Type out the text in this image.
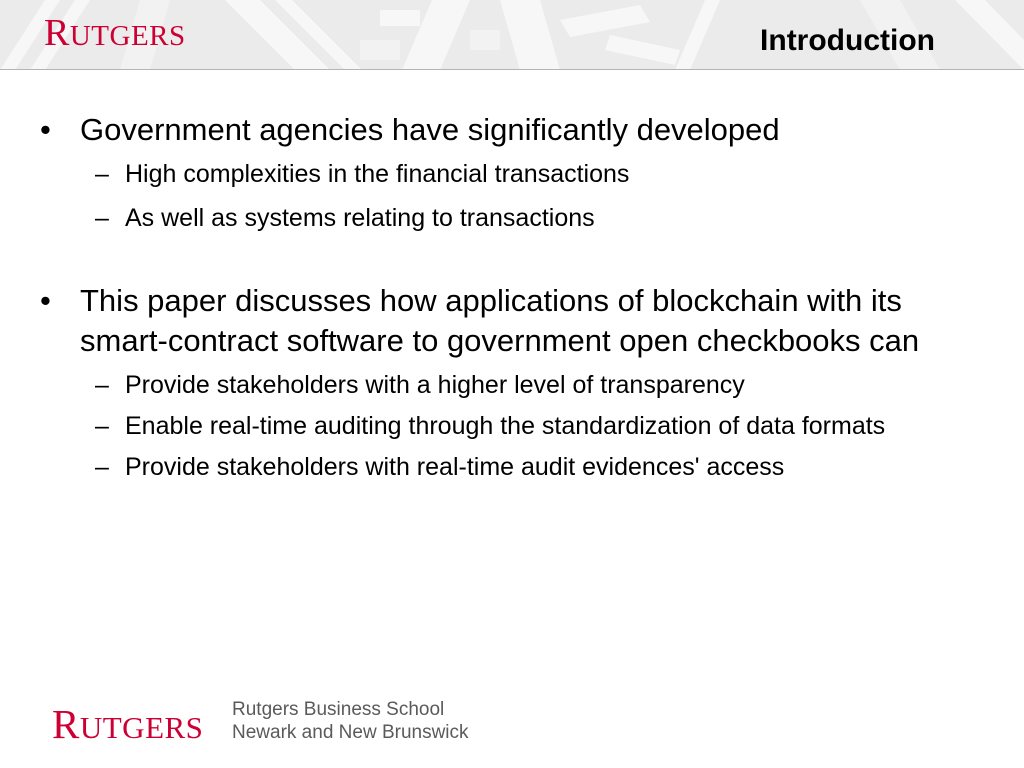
RUTGERS	Introduction
• Government agencies have significantly developed
– High complexities in the financial transactions
– As well as systems relating to transactions
• This paper discusses how applications of blockchain with its smart-contract software to government open checkbooks can
– Provide stakeholders with a higher level of transparency
– Enable real-time auditing through the standardization of data formats
– Provide stakeholders with real-time audit evidences' access
RUTGERS
Rutgers Business School
Newark and New Brunswick
